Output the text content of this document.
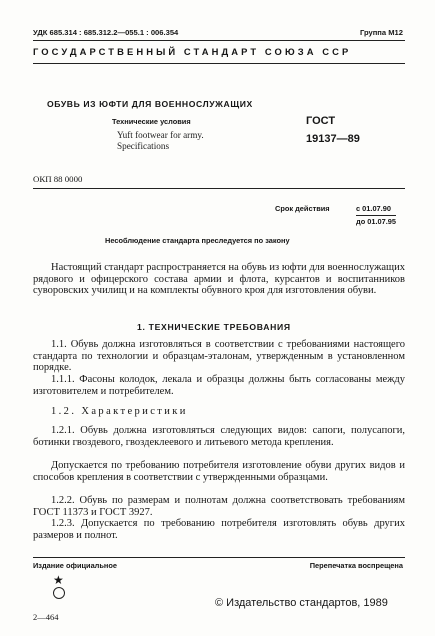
УДК 685.314 : 685.312.2—055.1 : 006.354	Группа М12
ГОСУДАРСТВЕННЫЙ СТАНДАРТ СОЮЗА ССР
ОБУВЬ ИЗ ЮФТИ ДЛЯ ВОЕННОСЛУЖАЩИХ
Технические условия
Yuft footwear for army.
Specifications
ГОСТ
19137—89
ОКП 88 0000
Срок действия	с 01.07.90
до 01.07.95
Несоблюдение стандарта преследуется по закону
Настоящий стандарт распространяется на обувь из юфти для военнослужащих рядового и офицерского состава армии и флота, курсантов и воспитанников суворовских училищ и на комплекты обувного кроя для изготовления обуви.
1. ТЕХНИЧЕСКИЕ ТРЕБОВАНИЯ
1.1. Обувь должна изготовляться в соответствии с требованиями настоящего стандарта по технологии и образцам-эталонам, утвержденным в установленном порядке.
1.1.1. Фасоны колодок, лекала и образцы должны быть согласованы между изготовителем и потребителем.
1.2. Характеристики
1.2.1. Обувь должна изготовляться следующих видов: сапоги, полусапоги, ботинки гвоздевого, гвоздеклеевого и литьевого метода крепления.
Допускается по требованию потребителя изготовление обуви других видов и способов крепления в соответствии с утвержденными образцами.
1.2.2. Обувь по размерам и полнотам должна соответствовать требованиям ГОСТ 11373 и ГОСТ 3927.
1.2.3. Допускается по требованию потребителя изготовлять обувь других размеров и полнот.
Издание официальное	Перепечатка воспрещена
★
© Издательство стандартов, 1989
2—464
